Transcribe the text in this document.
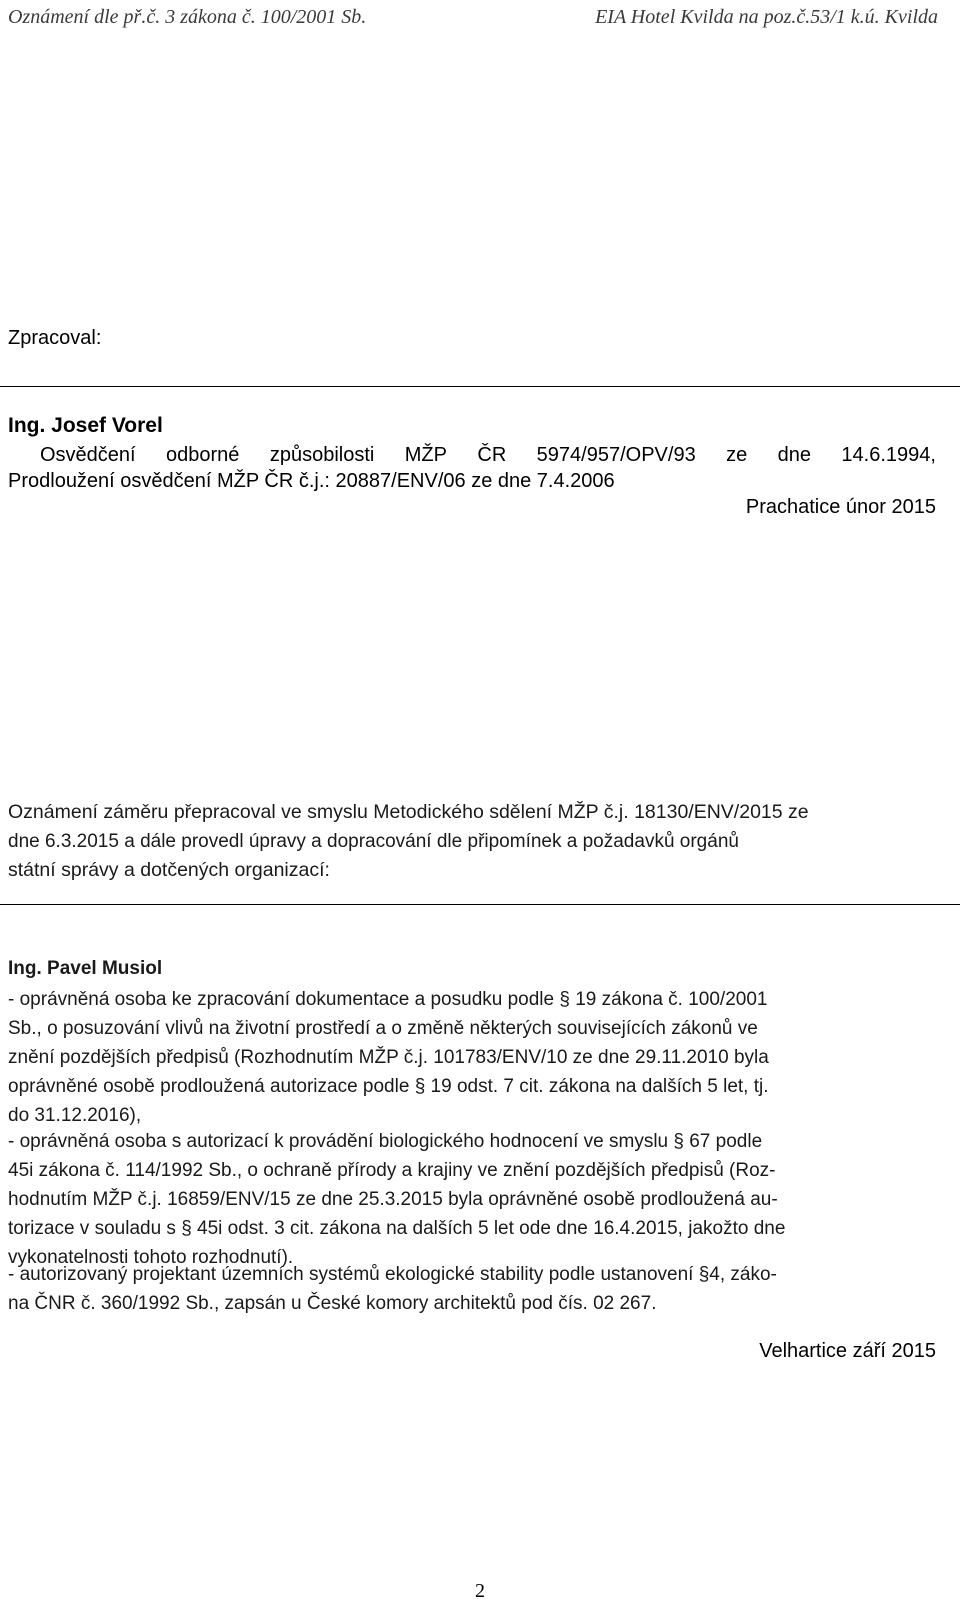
Oznámení dle př.č. 3 zákona č. 100/2001 Sb.	EIA Hotel Kvilda na poz.č.53/1 k.ú. Kvilda
Zpracoval:
Ing. Josef Vorel
Osvědčení odborné způsobilosti MŽP ČR 5974/957/OPV/93 ze dne 14.6.1994,
Prodloužení osvědčení MŽP ČR č.j.: 20887/ENV/06 ze dne 7.4.2006
Prachatice únor 2015
Oznámení záměru přepracoval ve smyslu Metodického sdělení MŽP č.j. 18130/ENV/2015 ze
dne 6.3.2015 a dále provedl úpravy a dopracování dle připomínek a požadavků orgánů
státní správy a dotčených organizací:
Ing. Pavel Musiol
- oprávněná osoba ke zpracování dokumentace a posudku podle § 19 zákona č. 100/2001
Sb., o posuzování vlivů na životní prostředí a o změně některých souvisejících zákonů ve
znění pozdějších předpisů (Rozhodnutím MŽP č.j. 101783/ENV/10 ze dne 29.11.2010 byla
oprávněné osobě prodloužená autorizace podle § 19 odst. 7 cit. zákona na dalších 5 let, tj.
do 31.12.2016),
- oprávněná osoba s autorizací k provádění biologického hodnocení ve smyslu § 67 podle
45i zákona č. 114/1992 Sb., o ochraně přírody a krajiny ve znění pozdějších předpisů (Roz-
hodnutím MŽP č.j. 16859/ENV/15 ze dne 25.3.2015 byla oprávněné osobě prodloužená au-
torizace v souladu s § 45i odst. 3 cit. zákona na dalších 5 let ode dne 16.4.2015, jakožto dne
vykonatelnosti tohoto rozhodnutí).
- autorizovaný projektant územních systémů ekologické stability podle ustanovení §4, záko-
na ČNR č. 360/1992 Sb., zapsán u České komory architektů pod čís. 02 267.
Velhartice září 2015
2
